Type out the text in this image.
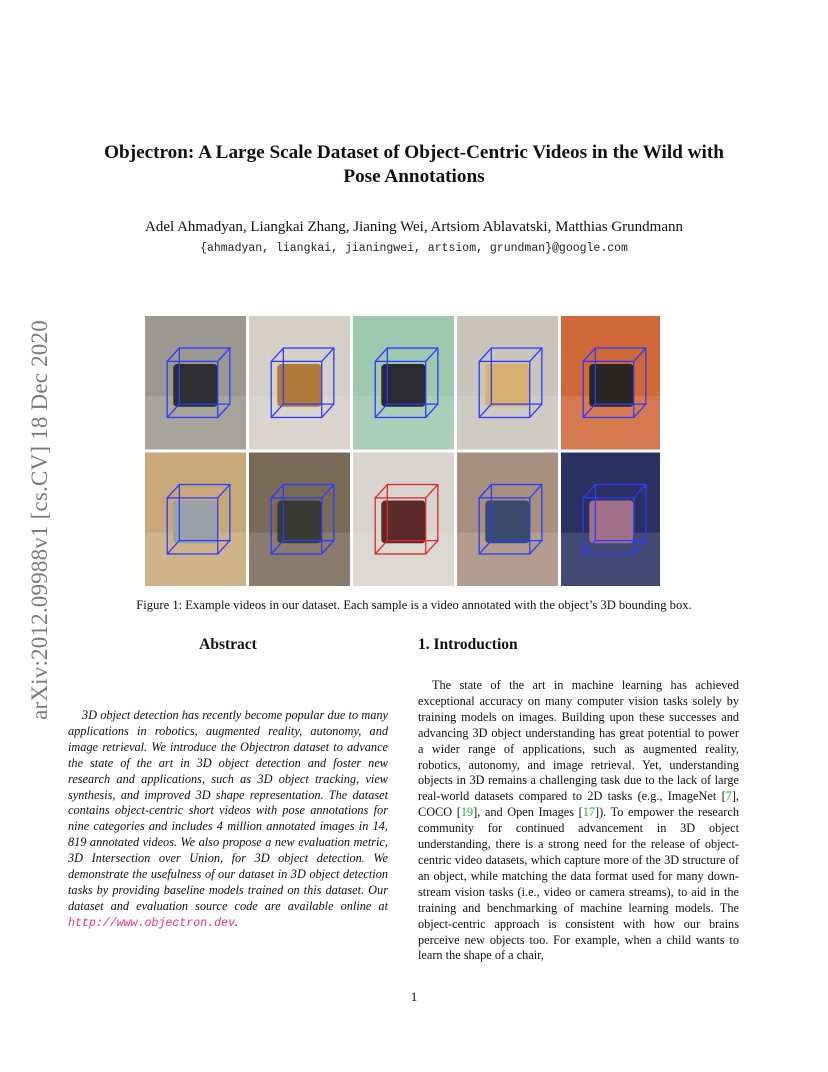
arXiv:2012.09988v1 [cs.CV] 18 Dec 2020
Objectron: A Large Scale Dataset of Object-Centric Videos in the Wild with
Pose Annotations
Adel Ahmadyan, Liangkai Zhang, Jianing Wei, Artsiom Ablavatski, Matthias Grundmann
{ahmadyan, liangkai, jianingwei, artsiom, grundman}@google.com
Figure 1: Example videos in our dataset. Each sample is a video annotated with the object’s 3D bounding box.
Abstract	1. Introduction

3D object detection has recently become popular due to many applications in robotics, augmented reality, autonomy, and image retrieval. We introduce the Objectron dataset to advance the state of the art in 3D object detection and foster new research and applications, such as 3D object tracking, view synthesis, and improved 3D shape representation. The dataset contains object-centric short videos with pose annotations for nine categories and includes 4 million annotated images in 14, 819 annotated videos. We also propose a new evaluation metric, 3D Intersection over Union, for 3D object detection. We demonstrate the usefulness of our dataset in 3D object detection tasks by providing baseline models trained on this dataset. Our dataset and evaluation source code are available online at http://www.objectron.dev.

The state of the art in machine learning has achieved exceptional accuracy on many computer vision tasks solely by training models on images. Building upon these successes and advancing 3D object understanding has great potential to power a wider range of applications, such as augmented reality, robotics, autonomy, and image retrieval. Yet, understanding objects in 3D remains a challenging task due to the lack of large real-world datasets compared to 2D tasks (e.g., ImageNet [7], COCO [19], and Open Images [17]). To empower the research community for continued advancement in 3D object understanding, there is a strong need for the release of object-centric video datasets, which capture more of the 3D structure of an object, while matching the data format used for many down-stream vision tasks (i.e., video or camera streams), to aid in the training and benchmarking of machine learning models. The object-centric approach is consistent with how our brains perceive new objects too. For example, when a child wants to learn the shape of a chair,

1
